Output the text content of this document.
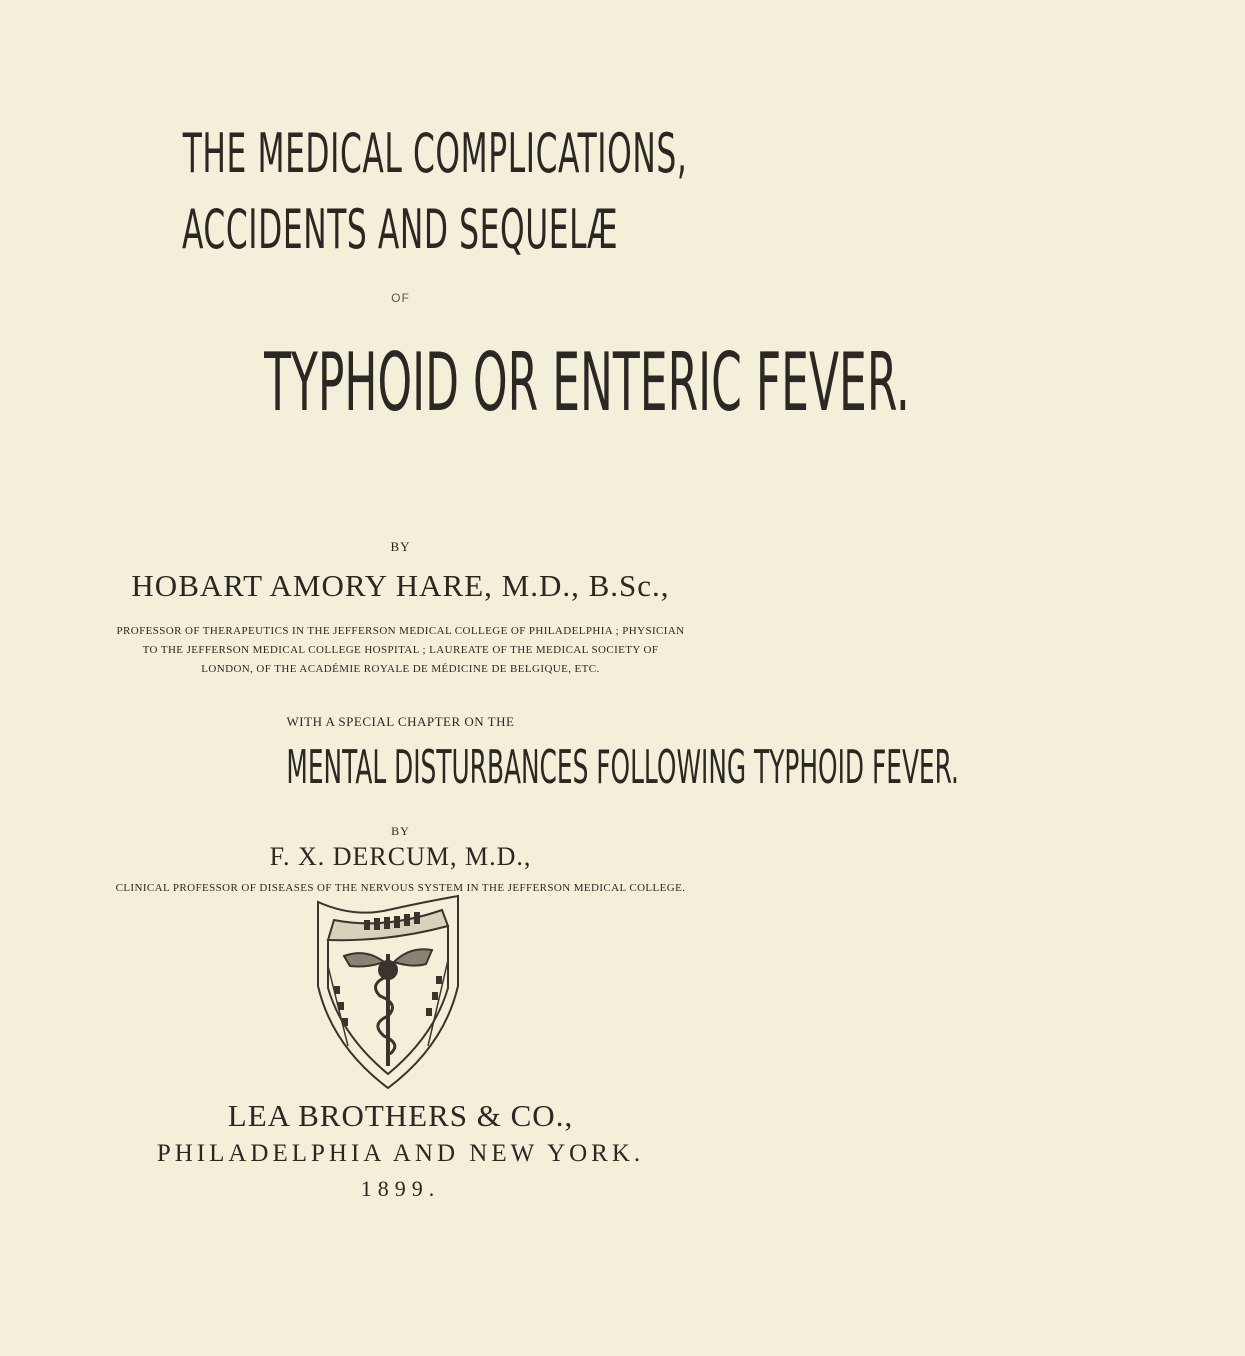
THE MEDICAL COMPLICATIONS,
ACCIDENTS AND SEQUELÆ
OF
TYPHOID OR ENTERIC FEVER.
BY
HOBART AMORY HARE, M.D., B.Sc.,
PROFESSOR OF THERAPEUTICS IN THE JEFFERSON MEDICAL COLLEGE OF PHILADELPHIA ; PHYSICIAN
TO THE JEFFERSON MEDICAL COLLEGE HOSPITAL ; LAUREATE OF THE MEDICAL SOCIETY OF
LONDON, OF THE ACADÉMIE ROYALE DE MÉDICINE DE BELGIQUE, ETC.
WITH A SPECIAL CHAPTER ON THE
MENTAL DISTURBANCES FOLLOWING TYPHOID FEVER.
BY
F. X. DERCUM, M.D.,
CLINICAL PROFESSOR OF DISEASES OF THE NERVOUS SYSTEM IN THE JEFFERSON MEDICAL COLLEGE.
LEA BROTHERS & CO.,
PHILADELPHIA AND NEW YORK.
1899.
